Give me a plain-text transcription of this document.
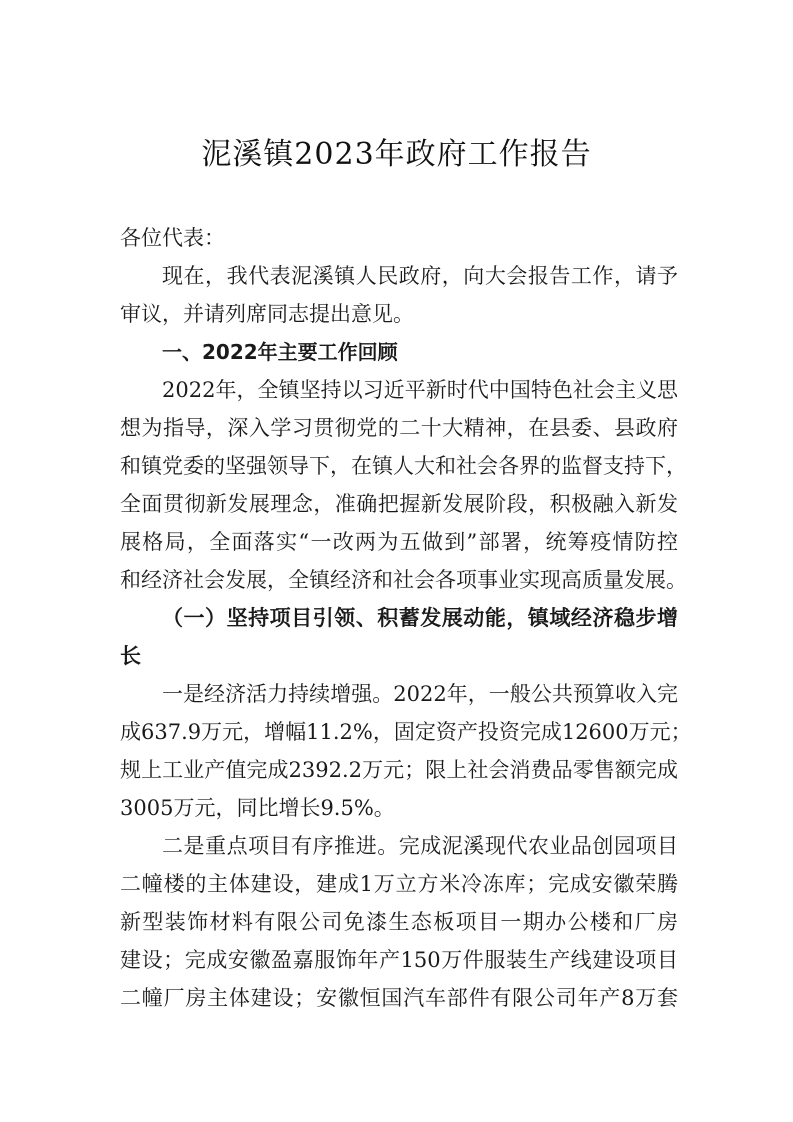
泥溪镇2023年政府工作报告
各位代表：
现在，我代表泥溪镇人民政府，向大会报告工作，请予
审议，并请列席同志提出意见。
一、2022年主要工作回顾
2022年，全镇坚持以习近平新时代中国特色社会主义思
想为指导，深入学习贯彻党的二十大精神，在县委、县政府
和镇党委的坚强领导下，在镇人大和社会各界的监督支持下，
全面贯彻新发展理念，准确把握新发展阶段，积极融入新发
展格局，全面落实“一改两为五做到”部署，统筹疫情防控
和经济社会发展，全镇经济和社会各项事业实现高质量发展。
（一）坚持项目引领、积蓄发展动能，镇域经济稳步增
长
一是经济活力持续增强。2022年，一般公共预算收入完
成637.9万元，增幅11.2%，固定资产投资完成12600万元；
规上工业产值完成2392.2万元；限上社会消费品零售额完成
3005万元，同比增长9.5%。
二是重点项目有序推进。完成泥溪现代农业品创园项目
二幢楼的主体建设，建成1万立方米冷冻库；完成安徽荣腾
新型装饰材料有限公司免漆生态板项目一期办公楼和厂房
建设；完成安徽盈嘉服饰年产150万件服装生产线建设项目
二幢厂房主体建设；安徽恒国汽车部件有限公司年产8万套
